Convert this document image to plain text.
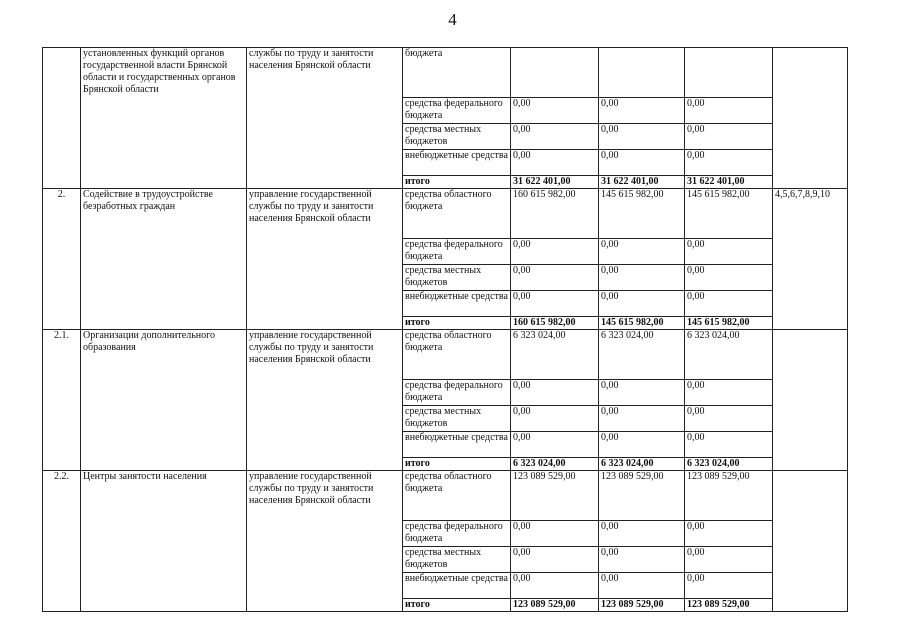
4
	установленных функций органов государственной власти Брянской области и государственных органов Брянской области	службы по труду и занятости населения Брянской области	бюджета				
			средства федерального бюджета	0,00	0,00	0,00	
			средства местных бюджетов	0,00	0,00	0,00	
			внебюджетные средства	0,00	0,00	0,00	
			итого	31 622 401,00	31 622 401,00	31 622 401,00	
2.	Содействие в трудоустройстве безработных граждан	управление государственной службы по труду и занятости населения Брянской области	средства областного бюджета	160 615 982,00	145 615 982,00	145 615 982,00	4,5,6,7,8,9,10
			средства федерального бюджета	0,00	0,00	0,00	
			средства местных бюджетов	0,00	0,00	0,00	
			внебюджетные средства	0,00	0,00	0,00	
			итого	160 615 982,00	145 615 982,00	145 615 982,00	
2.1.	Организации дополнительного образования	управление государственной службы по труду и занятости населения Брянской области	средства областного бюджета	6 323 024,00	6 323 024,00	6 323 024,00	
			средства федерального бюджета	0,00	0,00	0,00	
			средства местных бюджетов	0,00	0,00	0,00	
			внебюджетные средства	0,00	0,00	0,00	
			итого	6 323 024,00	6 323 024,00	6 323 024,00	
2.2.	Центры занятости населения	управление государственной службы по труду и занятости населения Брянской области	средства областного бюджета	123 089 529,00	123 089 529,00	123 089 529,00	
			средства федерального бюджета	0,00	0,00	0,00	
			средства местных бюджетов	0,00	0,00	0,00	
			внебюджетные средства	0,00	0,00	0,00	
			итого	123 089 529,00	123 089 529,00	123 089 529,00	
